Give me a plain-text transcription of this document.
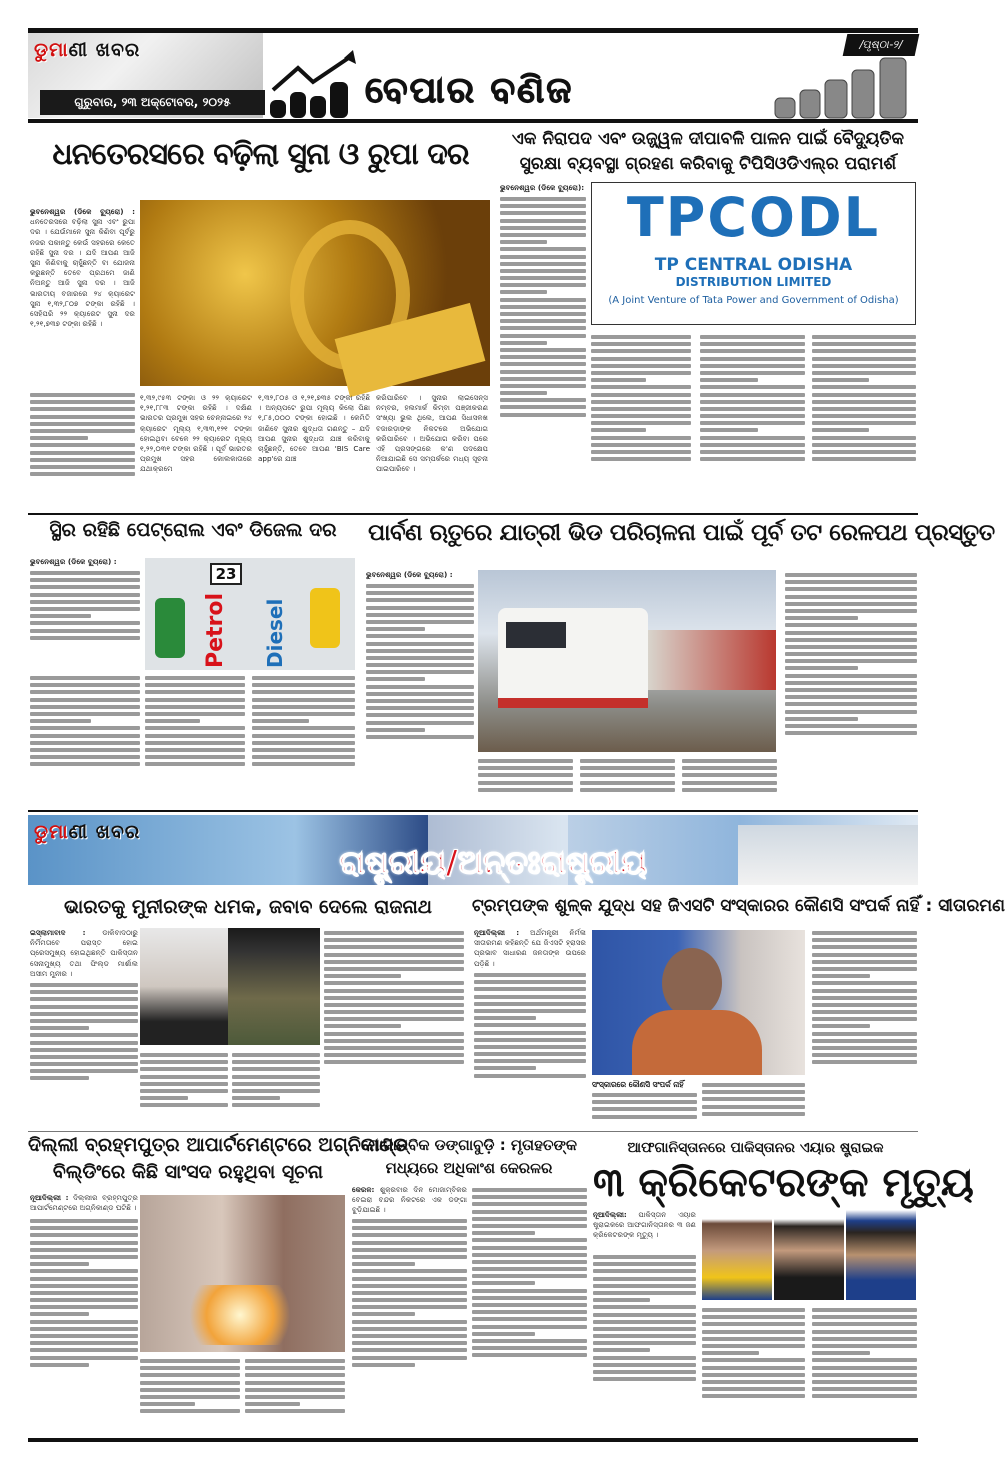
ଡୁମାଣୀ ଖବର
ଗୁରୁବାର, ୨୩ ଅକ୍ଟୋବର, ୨୦୨୫	ବେପାର ବଣିଜ
/ପୃଷ୍ଠା-୨/
ଧନତେରସରେ ବଢ଼ିଲା ସୁନା ଓ ରୁପା ଦର
ଭୁବନେଶ୍ୱର (ଡିକେ ବ୍ୟୁରୋ) : ଧନତେରସରେ ବଢ଼ିଲା ସୁନା ଏବଂ ରୁପା ଦର । ଯେଉଁମାନେ ସୁନା କିଣିବା ପୂର୍ବରୁ ନଜର ପକାନ୍ତୁ କେଉଁ ସହରରେ କେତେ ରହିଛି ସୁନା ଦର । ଯଦି ଆପଣ ଆଜି ସୁନା କିଣିବାକୁ ଚାହୁଁଛନ୍ତି ବା ଯୋଜନା କରୁଛନ୍ତି ତେବେ ପ୍ରଥମେ ଜାଣି ନିଅନ୍ତୁ ଆଜି ସୁନା ଦର । ଆଜି ଭାରତୀୟ ବଜାରରେ ୨୪ କ୍ୟାରେଟ ସୁନା ୧,୩୨,୮୦୭ ଟଙ୍କା ରହିଛି । ସେହିପରି ୨୨ କ୍ୟାରେଟ ସୁନା ଦର ୧,୨୧,୭୩୭ ଟଙ୍କା ରହିଛି ।
୧,୩୨,୯୫୩ ଟଙ୍କା ଓ ୨୨ କ୍ୟାରେଟ ୧,୨୧,୮୮୩ ଟଙ୍କା ରହିଛି । ଦକ୍ଷିଣ ଭାରତର ପ୍ରମୁଖ ସହର ଚେନ୍ନାଇରେ ୨୪ କ୍ୟାରେଟ ମୂଲ୍ୟ ୧,୩୩,୧୨୧ ଟଙ୍କା ହୋଇଥିବା ବେଳେ ୨୨ କ୍ୟାରେଟ ମୂଲ୍ୟ ୧,୨୨,୦୩୧ ଟଙ୍କା ରହିଛି । ପୂର୍ବ ଭାରତର ପ୍ରମୁଖ ସହର କୋଲକାତାରେ ଯଥାକ୍ରମେ
୧,୩୨,୮୦୫ ଓ ୧,୨୧,୭୩୫ ଟଙ୍କା ରହିଛି । ଅନ୍ୟପଟେ ରୁପା ମୂଲ୍ୟ କିଲୋ ପିଛା ୧,୮୫,୦୦୦ ଟଙ୍କା ହୋଇଛି । କେମିତି ଜାଣିବେ ସୁନାର ଶୁଦ୍ଧତା ଗଣନ୍ତୁ – ଯଦି ଆପଣ ସୁନାର ଶୁଦ୍ଧତା ଯାଞ୍ଚ କରିବାକୁ ଚାହୁଁଛନ୍ତି, ତେବେ ଆପଣ 'BIS Care app'ରେ ଯାଞ୍ଚ
କରିପାରିବେ । ସୁନାର ଲାଇସେନ୍ସ ନମ୍ବର, ହଲମାର୍କ କିମ୍ବା ପଞ୍ଜୀକରଣ ସଂଖ୍ୟା ଭୁଲ ଥିଲେ, ଆପଣ ସିଧାସଳଖ ବଜାରଡ଼ାଙ୍କ ନିକଟରେ ଅଭିଯୋଗ କରିପାରିବେ । ଅଭିଯୋଗ କରିବା ପରେ ଏହି ପ୍ରସଙ୍ଗରେ କ'ଣ ପଦକ୍ଷେପ ନିଆଯାଇଛି ସେ ସମ୍ପର୍କରେ ମଧ୍ୟ ସୂଚନା ପାଇପାରିବେ ।
ଏକ ନିରାପଦ ଏବଂ ଉଜ୍ଜ୍ୱଳ ଦୀପାବଳି ପାଳନ ପାଇଁ ବୈଦ୍ୟୁତିକ
ସୁରକ୍ଷା ବ୍ୟବସ୍ଥା ଗ୍ରହଣ କରିବାକୁ ଟିପିସିଓଡିଏଲ୍‌ର ପରାମର୍ଶ
ଭୁବନେଶ୍ୱର (ଡିକେ ବ୍ୟୁରୋ): TPCODL
TP CENTRAL ODISHA
DISTRIBUTION LIMITED
(A Joint Venture of Tata Power and Government of Odisha)
ସ୍ଥିର ରହିଛି ପେଟ୍ରୋଲ ଏବଂ ଡିଜେଲ ଦର
ଭୁବନେଶ୍ୱର (ଡିକେ ବ୍ୟୁରୋ) :
23
Petrol Diesel
ପାର୍ବଣ ଋତୁରେ ଯାତ୍ରୀ ଭିଡ ପରିଚାଳନା ପାଇଁ ପୂର୍ବ ତଟ ରେଳପଥ ପ୍ରସ୍ତୁତ
ଭୁବନେଶ୍ୱର (ଡିକେ ବ୍ୟୁରୋ) :
ଡୁମାଣୀ ଖବର
ରାଷ୍ଟ୍ରୀୟ/ଅନ୍ତଃରାଷ୍ଟ୍ରୀୟ
ଭାରତକୁ ମୁନୀରଙ୍କ ଧମକ, ଜବାବ ଦେଲେ ରାଜନାଥ
ଇସ୍‌ଲାମାବାଦ : ଡାକିବାଦଠାରୁ ନିର୍ମିମତାବେ ପରାସ୍ତ ହୋଇ ପ୍ରେସମୁଖ୍ୟ ହୋଇଥିଛନ୍ତି ପାକିସ୍ତାନ ସେନାମୁଖ୍ୟ ତଥା ଫିଲ୍ଡ ମାର୍ଶାଲ ଅସୀମ ମୁନୀର ।
ଟ୍ରମ୍ପଙ୍କ ଶୁଳ୍କ ଯୁଦ୍ଧ ସହ ଜିଏସଟି ସଂସ୍କାରର କୌଣସି ସଂପର୍କ ନାହିଁ : ସୀତାରମଣ
ନୂଆଦିଲ୍ଲୀ : ଅର୍ଥମନ୍ତ୍ରୀ ନିର୍ମଳା ସୀତାରମଣ କହିଛନ୍ତି ଯେ ଜିଏସଟି ହ୍ରାସର ପ୍ରଭାବ ସାଧାରଣ ଜନତାଙ୍କ ଉପରେ ପଡ଼ିଛି ।
ସଂସ୍କାରରେ କୌଣସି ସଂପର୍କ ନାହିଁ
ଦିଲ୍ଲୀ ବ୍ରହ୍ମପୁତ୍ର ଆପାର୍ଟମେଣ୍ଟରେ ଅଗ୍ନିକାଣ୍ଡ
ବିଲ୍ଡିଂରେ କିଛି ସାଂସଦ ରହୁଥିବା ସୂଚନା
ନୂଆଦିଲ୍ଲୀ : ଦିଲ୍ଲୀର ବ୍ରହ୍ମପୁତ୍ର ଆପାର୍ଟମେଣ୍ଟରେ ଅଗ୍ନିକାଣ୍ଡ ଘଟିଛି ।
ମୋଜାମ୍ବିକ ଡଙ୍ଗାବୁଡ଼ି : ମୃତାହତଙ୍କ
ମଧ୍ୟରେ ଅଧିକାଂଶ କେରଳର
କେରଳ: ଶୁକ୍ରବାର ଦିନ ମୋଜାମ୍ବିକର ବେଇରା ବନ୍ଦର ନିକଟରେ ଏକ ଡଙ୍ଗା ବୁଡ଼ିଯାଇଛି ।
ଆଫଗାନିସ୍ତାନରେ ପାକିସ୍ତାନର ଏୟାର ଷ୍ଟ୍ରାଇକ
୩ କ୍ରିକେଟରଙ୍କ ମୃତ୍ୟୁ
ନୂଆଦିଲ୍ଲୀ: ପାକିସ୍ତାନ ଏୟାର ଷ୍ଟ୍ରାଇକରେ ଆଫଗାନିସ୍ତାନର ୩ ଜଣ କ୍ରିକେଟରଙ୍କ ମୃତ୍ୟୁ ।
